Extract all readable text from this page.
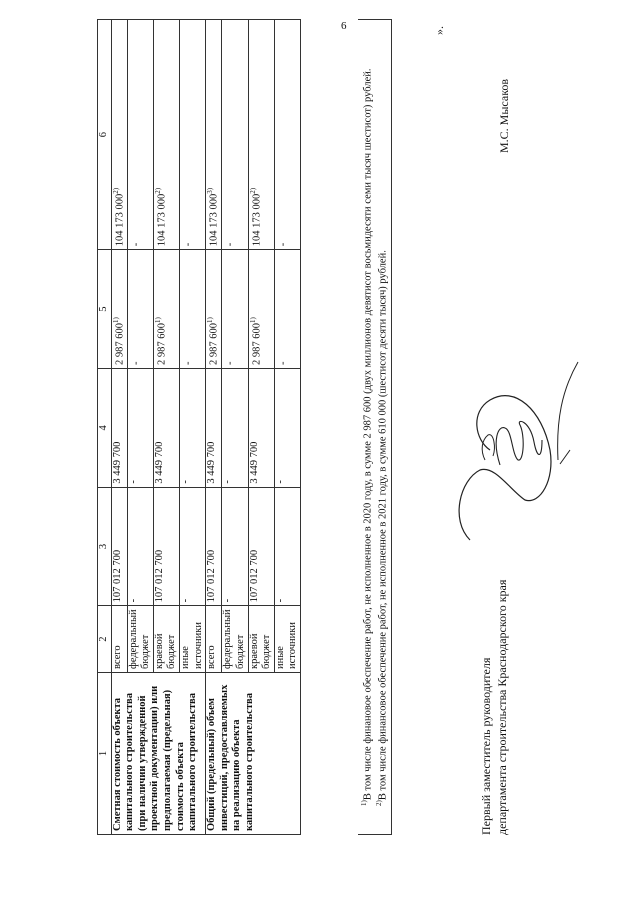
6
1	2	3	4	5	6
Сметная стоимость объекта капитального строительства (при наличии утвержденной проектной документации) или предполагаемая (предельная) стоимость объекта капитального строительства	всего	107 012 700	3 449 700	2 987 600$^{1)}$	104 173 000$^{2)}$
	федеральный бюджет	-	-	-	-
	краевой бюджет	107 012 700	3 449 700	2 987 600$^{1)}$	104 173 000$^{2)}$
	иные источники	-	-	-	-
Общий (предельный) объем инвестиций, предоставляемых на реализацию объекта капитального строительства	всего	107 012 700	3 449 700	2 987 600$^{1)}$	104 173 000$^{3)}$
	федеральный бюджет	-	-	-	-
	краевой бюджет	107 012 700	3 449 700	2 987 600$^{1)}$	104 173 000$^{2)}$
	иные источники	-	-	-	-

$^{1)}$В том числе финановое обеспечение работ, не исполненное в 2020 году, в сумме 2 987 600 (двух миллионов девятисот восьмидесяти семи тысяч шестисот) рублей.

$^{2)}$В том числе финансовое обеспечение работ, не исполненное в 2021 году, в сумме 610 000 (шестисот десяти тысяч) рублей.

».
Первый заместитель руководителя департамента строительства Краснодарского края
М.С. Мысаков
